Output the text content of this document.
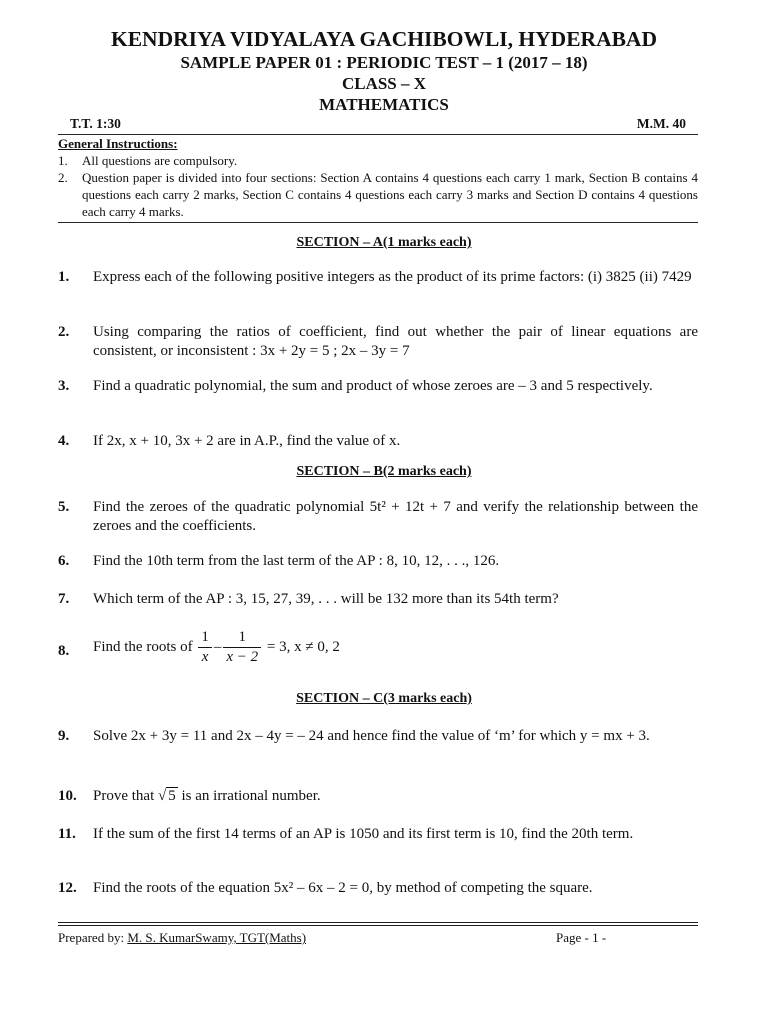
KENDRIYA VIDYALAYA GACHIBOWLI, HYDERABAD
SAMPLE PAPER 01 : PERIODIC TEST – 1 (2017 – 18)
CLASS – X
MATHEMATICS
T.T. 1:30	M.M. 40
General Instructions:
1. All questions are compulsory.
2. Question paper is divided into four sections: Section A contains 4 questions each carry 1 mark, Section B contains 4 questions each carry 2 marks, Section C contains 4 questions each carry 3 marks and Section D contains 4 questions each carry 4 marks.
SECTION – A(1 marks each)
1.	Express each of the following positive integers as the product of its prime factors: (i) 3825 (ii) 7429
2.	Using comparing the ratios of coefficient, find out whether the pair of linear equations are consistent, or inconsistent : 3x + 2y = 5 ; 2x – 3y = 7
3.	Find a quadratic polynomial, the sum and product of whose zeroes are – 3 and 5 respectively.
4.	If 2x, x + 10, 3x + 2 are in A.P., find the value of x.
SECTION – B(2 marks each)
5.	Find the zeroes of the quadratic polynomial 5t² + 12t + 7 and verify the relationship between the zeroes and the coefficients.
6.	Find the 10th term from the last term of the AP : 8, 10, 12, . . ., 126.
7.	Which term of the AP : 3, 15, 27, 39, . . . will be 132 more than its 54th term?
8.	Find the roots of $\frac{1}{x} - \frac{1}{x - 2} = 3$, x ≠ 0, 2
SECTION – C(3 marks each)
9.	Solve 2x + 3y = 11 and 2x – 4y = – 24 and hence find the value of ‘m’ for which y = mx + 3.
10.	Prove that √ 5 is an irrational number.
11.	If the sum of the first 14 terms of an AP is 1050 and its first term is 10, find the 20th term.
12.	Find the roots of the equation 5x² – 6x – 2 = 0, by method of competing the square.
Prepared by: M. S. KumarSwamy, TGT(Maths)	Page - 1 -
